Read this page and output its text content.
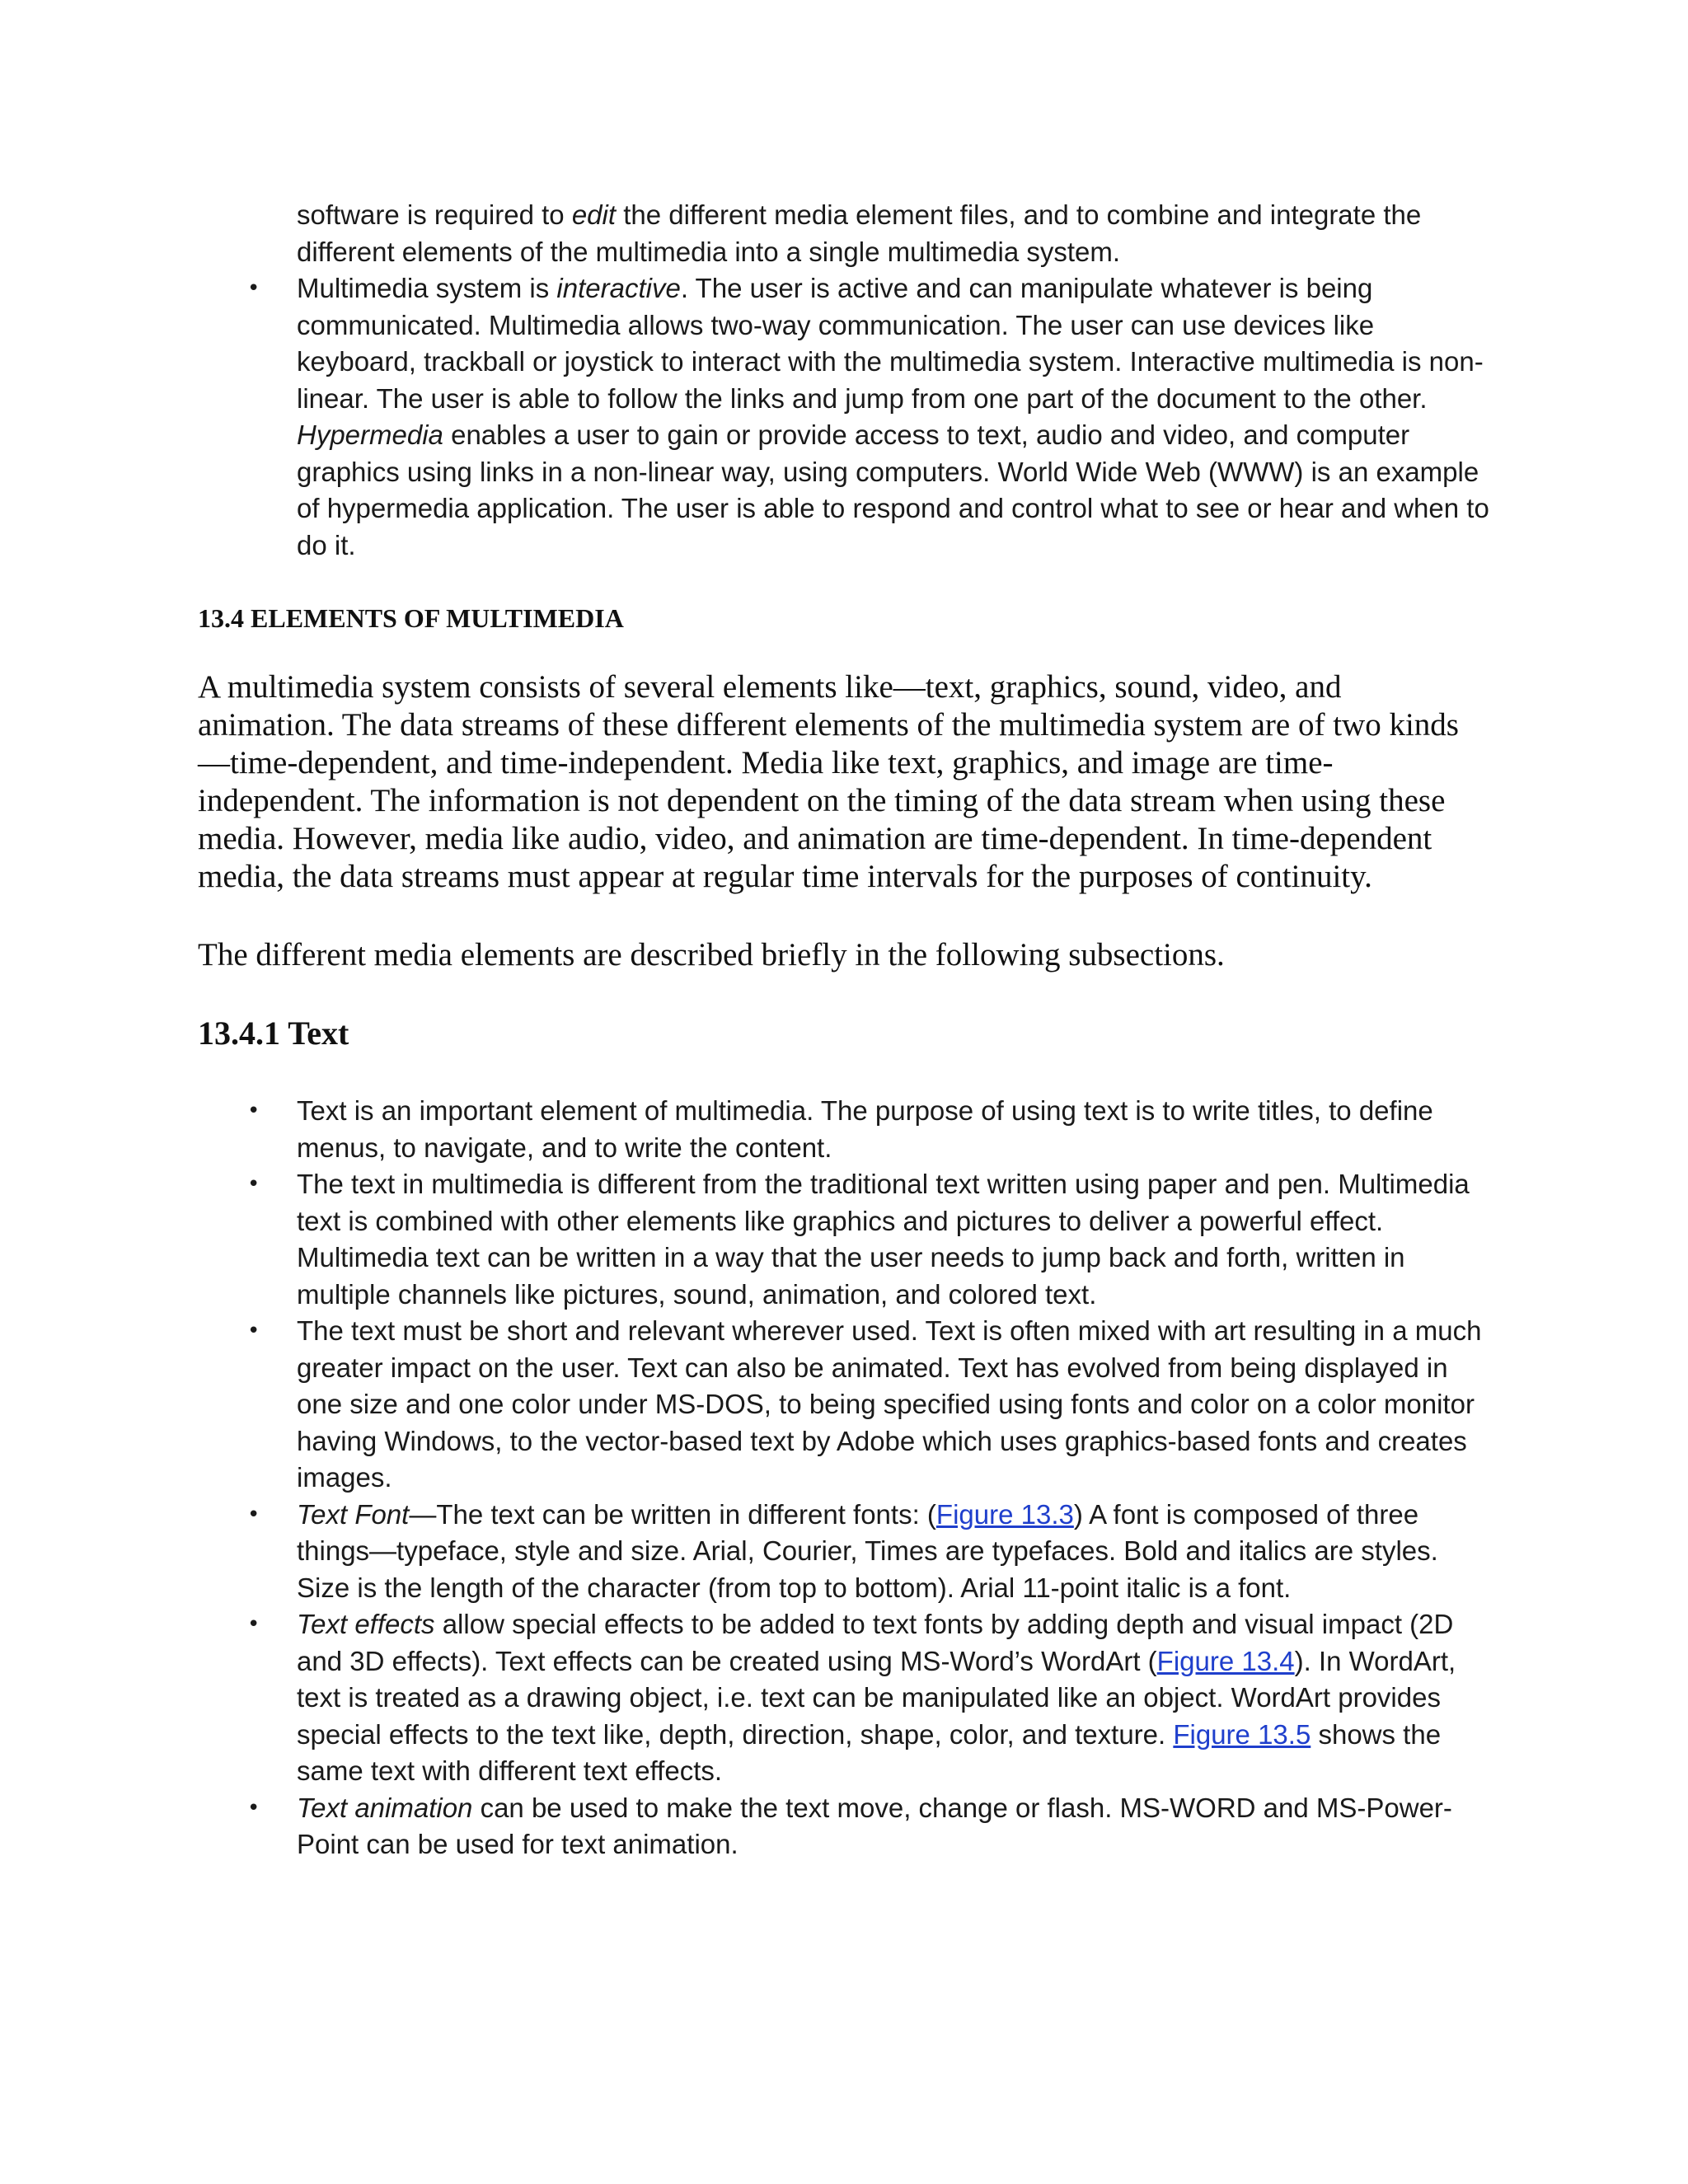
software is required to edit the different media element files, and to combine and integrate the different elements of the multimedia into a single multimedia system.
• Multimedia system is interactive. The user is active and can manipulate whatever is being communicated. Multimedia allows two-way communication. The user can use devices like keyboard, trackball or joystick to interact with the multimedia system. Interactive multimedia is non-linear. The user is able to follow the links and jump from one part of the document to the other. Hypermedia enables a user to gain or provide access to text, audio and video, and computer graphics using links in a non-linear way, using computers. World Wide Web (WWW) is an example of hypermedia application. The user is able to respond and control what to see or hear and when to do it.
13.4 ELEMENTS OF MULTIMEDIA

A multimedia system consists of several elements like—text, graphics, sound, video, and animation. The data streams of these different elements of the multimedia system are of two kinds—time-dependent, and time-independent. Media like text, graphics, and image are time-independent. The information is not dependent on the timing of the data stream when using these media. However, media like audio, video, and animation are time-dependent. In time-dependent media, the data streams must appear at regular time intervals for the purposes of continuity.

The different media elements are described briefly in the following subsections.

13.4.1 Text
• Text is an important element of multimedia. The purpose of using text is to write titles, to define menus, to navigate, and to write the content.
• The text in multimedia is different from the traditional text written using paper and pen. Multimedia text is combined with other elements like graphics and pictures to deliver a powerful effect. Multimedia text can be written in a way that the user needs to jump back and forth, written in multiple channels like pictures, sound, animation, and colored text.
• The text must be short and relevant wherever used. Text is often mixed with art resulting in a much greater impact on the user. Text can also be animated. Text has evolved from being displayed in one size and one color under MS-DOS, to being specified using fonts and color on a color monitor having Windows, to the vector-based text by Adobe which uses graphics-based fonts and creates images.
• Text Font—The text can be written in different fonts: (Figure 13.3) A font is composed of three things—typeface, style and size. Arial, Courier, Times are typefaces. Bold and italics are styles. Size is the length of the character (from top to bottom). Arial 11-point italic is a font.
• Text effects allow special effects to be added to text fonts by adding depth and visual impact (2D and 3D effects). Text effects can be created using MS-Word’s WordArt (Figure 13.4). In WordArt, text is treated as a drawing object, i.e. text can be manipulated like an object. WordArt provides special effects to the text like, depth, direction, shape, color, and texture. Figure 13.5 shows the same text with different text effects.
• Text animation can be used to make the text move, change or flash. MS-WORD and MS-Power-Point can be used for text animation.
